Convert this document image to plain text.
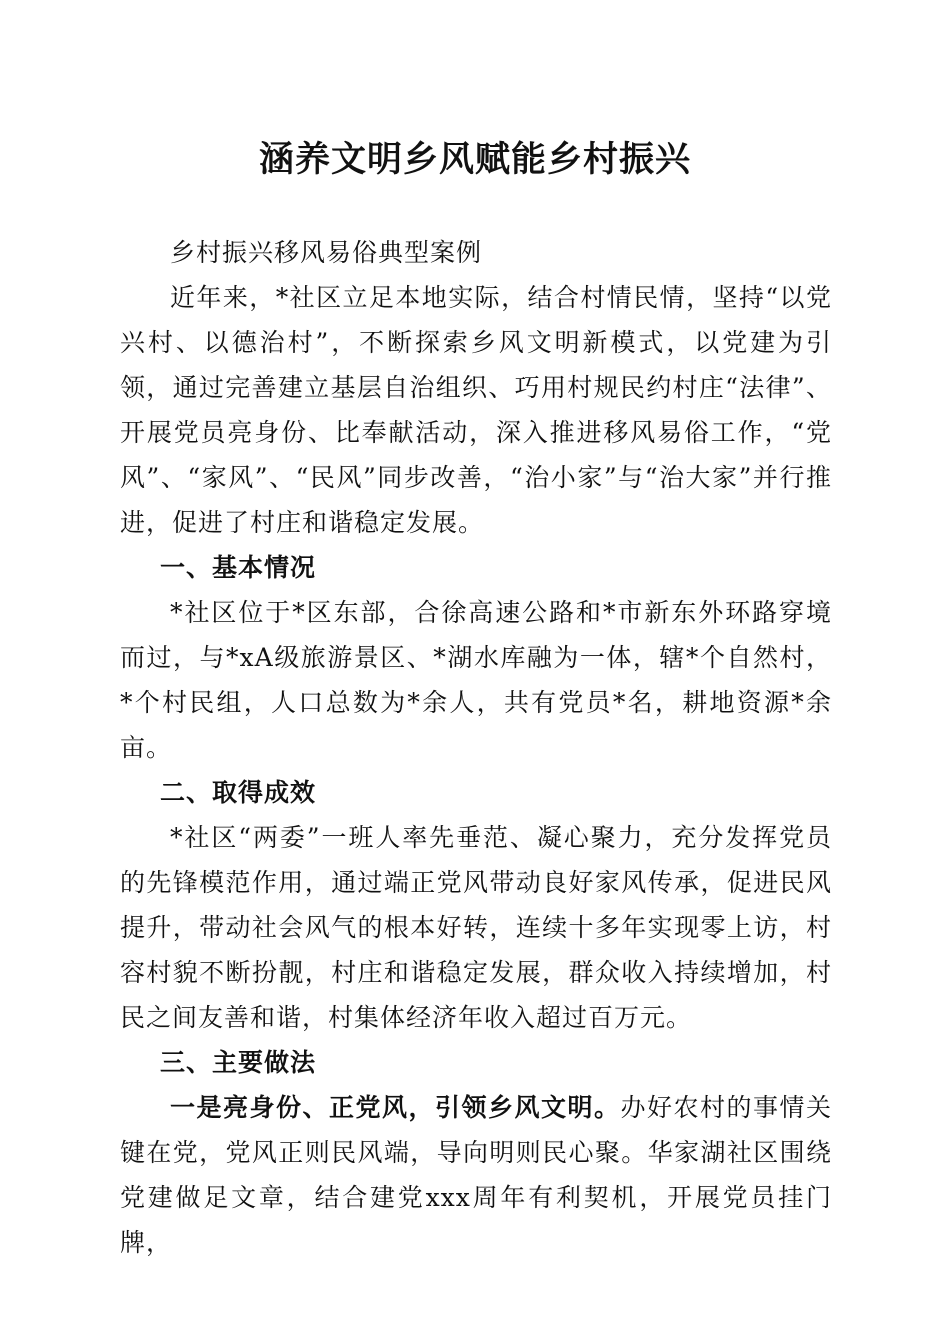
涵养文明乡风赋能乡村振兴

乡村振兴移风易俗典型案例

近年来，*社区立足本地实际，结合村情民情，坚持“以党兴村、以德治村”，不断探索乡风文明新模式，以党建为引领，通过完善建立基层自治组织、巧用村规民约村庄“法律”、开展党员亮身份、比奉献活动，深入推进移风易俗工作，“党风”、“家风”、“民风”同步改善，“治小家”与“治大家”并行推进，促进了村庄和谐稳定发展。

一、基本情况

*社区位于*区东部，合徐高速公路和*市新东外环路穿境而过，与*xA级旅游景区、*湖水库融为一体，辖*个自然村，*个村民组，人口总数为*余人，共有党员*名，耕地资源*余亩。

二、取得成效

*社区“两委”一班人率先垂范、凝心聚力，充分发挥党员的先锋模范作用，通过端正党风带动良好家风传承，促进民风提升，带动社会风气的根本好转，连续十多年实现零上访，村容村貌不断扮靓，村庄和谐稳定发展，群众收入持续增加，村民之间友善和谐，村集体经济年收入超过百万元。

三、主要做法

一是亮身份、正党风，引领乡风文明。办好农村的事情关键在党，党风正则民风端，导向明则民心聚。华家湖社区围绕党建做足文章，结合建党xxx周年有利契机，开展党员挂门牌，
